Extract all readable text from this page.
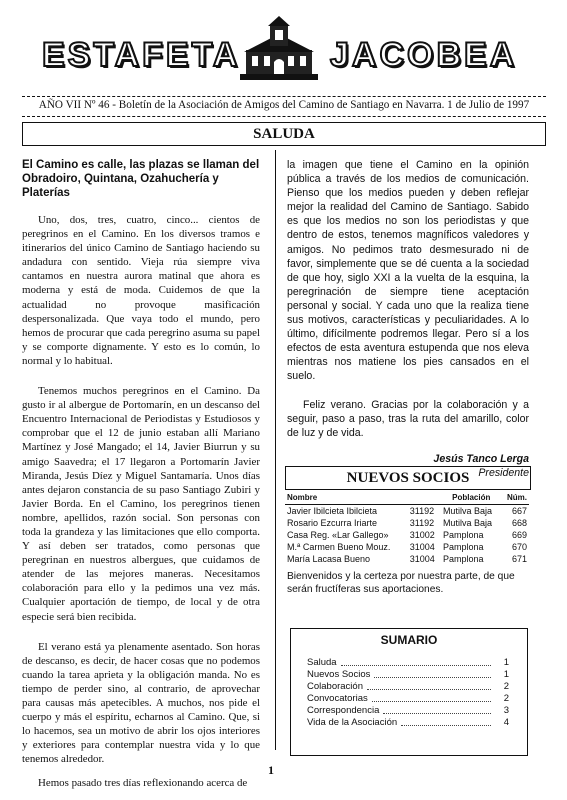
ESTAFETA	JACOBEA
AÑO VII Nº 46 - Boletín de la Asociación de Amigos del Camino de Santiago en Navarra. 1 de Julio de 1997
SALUDA

El Camino es calle, las plazas se llaman del Obradoiro, Quintana, Ozahuchería y Platerías

Uno, dos, tres, cuatro, cinco... cientos de peregrinos en el Camino. En los diversos tramos e itinerarios del único Camino de Santiago haciendo su andadura con sentido. Vieja rúa siempre viva cantamos en nuestra aurora matinal que ahora es moderna y está de moda. Cuidemos de que la actualidad no provoque masificación despersonalizada. Que vaya todo el mundo, pero hemos de procurar que cada peregrino asuma su papel y se comporte dignamente. Y esto es lo común, lo normal y lo habitual.

Tenemos muchos peregrinos en el Camino. Da gusto ir al albergue de Portomarín, en un descanso del Encuentro Internacional de Periodistas y Estudiosos y comprobar que el 12 de junio estaban allí Mariano Martínez y José Mangado; el 14, Javier Biurrun y su amigo Saavedra; el 17 llegaron a Portomarín Javier Miranda, Jesús Díez y Miguel Santamaría. Unos días antes dejaron constancia de su paso Santiago Zubiri y Javier Borda. En el Camino, los peregrinos tienen nombre, apellidos, razón social. Son personas con toda la grandeza y las limitaciones que ello comporta. Y así deben ser tratados, como personas que peregrinan en nuestros albergues, que cuidamos de atender de las mejores maneras. Necesitamos colaboración para ello y la pedimos una vez más. Cualquier aportación de tiempo, de local y de otra especie será bien recibida.

El verano está ya plenamente asentado. Son horas de descanso, es decir, de hacer cosas que no podemos cuando la tarea aprieta y la obligación manda. No es tiempo de perder sino, al contrario, de aprovechar para causas más apetecibles. A muchos, nos pide el cuerpo y más el espíritu, echarnos al Camino. Que, si lo hacemos, sea un motivo de abrir los ojos interiores y exteriores para contemplar nuestra vida y lo que tenemos alrededor.

Hemos pasado tres días reflexionando acerca de

la imagen que tiene el Camino en la opinión pública a través de los medios de comunicación. Pienso que los medios pueden y deben reflejar mejor la realidad del Camino de Santiago. Sabido es que los medios no son los periodistas y que dentro de estos, tenemos magníficos valedores y amigos. No pedimos trato desmesurado ni de favor, simplemente que se dé cuenta a la sociedad de que hoy, siglo XXI a la vuelta de la esquina, la peregrinación de siempre tiene aceptación personal y social. Y cada uno que la realiza tiene sus motivos, características y peculiaridades. A lo último, difícilmente podremos llegar. Pero sí a los efectos de esta aventura estupenda que nos eleva mientras nos matiene los pies cansados en el suelo.

Feliz verano. Gracias por la colaboración y a seguir, paso a paso, tras la ruta del amarillo, color de luz y de vida.

Jesús Tanco Lerga
Presidente
NUEVOS SOCIOS
Nombre		Población	Núm.
Javier Ibilcieta Ibilcieta	31192	Mutilva Baja	667
Rosario Ezcurra Iriarte	31192	Mutilva Baja	668
Casa Reg. «Lar Gallego»	31002	Pamplona	669
M.ª Carmen Bueno Mouz.	31004	Pamplona	670
María Lacasa Bueno	31004	Pamplona	671
Bienvenidos y la certeza por nuestra parte, de que serán fructíferas sus aportaciones.
SUMARIO
Saluda	1
Nuevos Socios	1
Colaboración	2
Convocatorias	2
Correspondencia	3
Vida de la Asociación	4
1
